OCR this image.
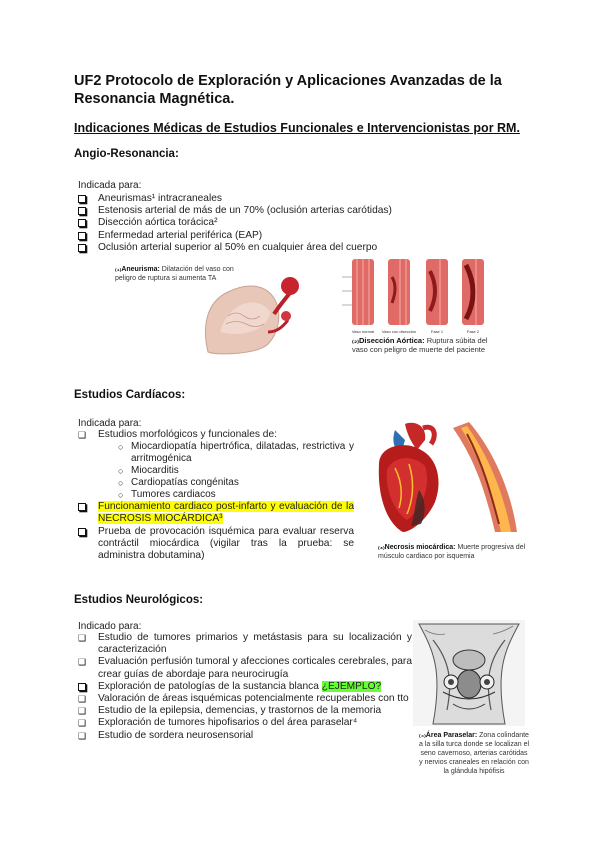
UF2 Protocolo de Exploración y Aplicaciones Avanzadas de la Resonancia Magnética.
Indicaciones Médicas de Estudios Funcionales e Intervencionistas por RM.
Angio-Resonancia:
Indicada para:
Aneurismas¹ intracraneales
Estenosis arterial de más de un 70% (oclusión arterias carótidas)
Disección aórtica torácica²
Enfermedad arterial periférica (EAP)
Oclusión arterial superior al 50% en cualquier área del cuerpo
₍₁₎Aneurisma: Dilatación del vaso con peligro de ruptura si aumenta TA
Vaso normal Vaso con disección	Fase 1	Fase 2
₍₂₎Disección Aórtica: Ruptura súbita del vaso con peligro de muerte del paciente
Estudios Cardíacos:
Indicada para:
❑ Estudios morfológicos y funcionales de:
○ Miocardiopatía hipertrófica, dilatadas, restrictiva y arritmogénica
○ Miocarditis
○ Cardiopatías congénitas
○ Tumores cardiacos
Funcionamiento cardiaco post-infarto y evaluación de la NECROSIS MIOCÁRDICA³
Prueba de provocación isquémica para evaluar reserva contráctil miocárdica (vigilar tras la prueba: se administra dobutamina)
₍₃₎Necrosis miocárdica: Muerte progresiva del músculo cardiaco por isquemia
Estudios Neurológicos:
Indicado para:
❑ Estudio de tumores primarios y metástasis para su localización y caracterización
❑ Evaluación perfusión tumoral y afecciones corticales cerebrales, para crear guías de abordaje para neurocirugía
Exploración de patologías de la sustancia blanca ¿EJEMPLO?
❑ Valoración de áreas isquémicas potencialmente recuperables con tto
❑ Estudio de la epilepsia, demencias, y trastornos de la memoria
❑ Exploración de tumores hipofisarios o del área paraselar⁴
❑ Estudio de sordera neurosensorial	₍₄₎Área Paraselar: Zona colindante a la silla turca donde se localizan el seno cavernoso, arterias carótidas y nervios craneales en relación con la glándula hipófisis
